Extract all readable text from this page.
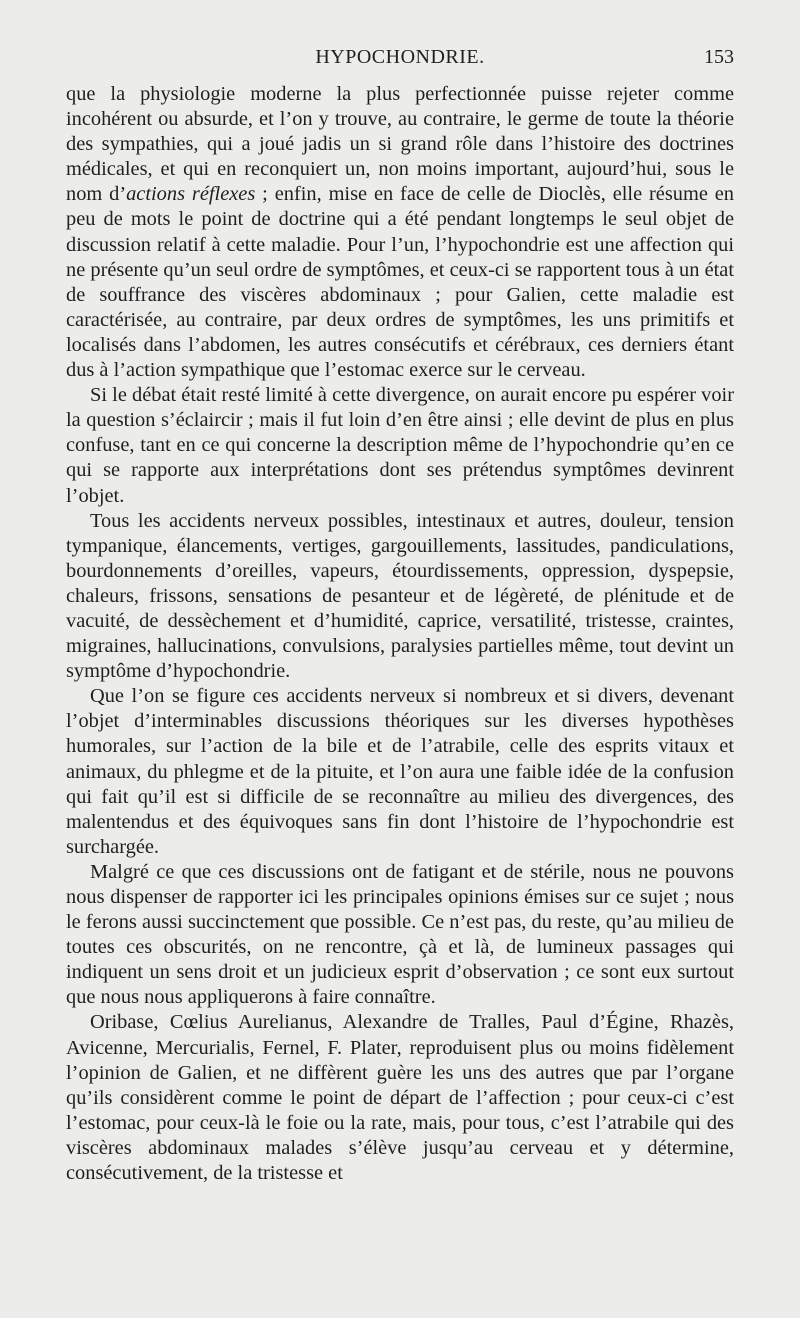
HYPOCHONDRIE.	153

que la physiologie moderne la plus perfectionnée puisse rejeter comme incohérent ou absurde, et l’on y trouve, au contraire, le germe de toute la théorie des sympathies, qui a joué jadis un si grand rôle dans l’histoire des doctrines médicales, et qui en reconquiert un, non moins important, aujourd’hui, sous le nom d’actions réflexes ; enfin, mise en face de celle de Dioclès, elle résume en peu de mots le point de doctrine qui a été pendant longtemps le seul objet de discussion relatif à cette maladie. Pour l’un, l’hypochondrie est une affection qui ne présente qu’un seul ordre de symptômes, et ceux-ci se rapportent tous à un état de souffrance des viscères abdominaux ; pour Galien, cette maladie est caractérisée, au contraire, par deux ordres de symptômes, les uns primitifs et localisés dans l’abdomen, les autres consécutifs et cérébraux, ces derniers étant dus à l’action sympathique que l’estomac exerce sur le cerveau.

Si le débat était resté limité à cette divergence, on aurait encore pu espérer voir la question s’éclaircir ; mais il fut loin d’en être ainsi ; elle devint de plus en plus confuse, tant en ce qui concerne la description même de l’hypochondrie qu’en ce qui se rapporte aux interprétations dont ses prétendus symptômes devinrent l’objet.

Tous les accidents nerveux possibles, intestinaux et autres, douleur, tension tympanique, élancements, vertiges, gargouillements, lassitudes, pandiculations, bourdonnements d’oreilles, vapeurs, étourdissements, oppression, dyspepsie, chaleurs, frissons, sensations de pesanteur et de légèreté, de plénitude et de vacuité, de dessèchement et d’humidité, caprice, versatilité, tristesse, craintes, migraines, hallucinations, convulsions, paralysies partielles même, tout devint un symptôme d’hypochondrie.

Que l’on se figure ces accidents nerveux si nombreux et si divers, devenant l’objet d’interminables discussions théoriques sur les diverses hypothèses humorales, sur l’action de la bile et de l’atrabile, celle des esprits vitaux et animaux, du phlegme et de la pituite, et l’on aura une faible idée de la confusion qui fait qu’il est si difficile de se reconnaître au milieu des divergences, des malentendus et des équivoques sans fin dont l’histoire de l’hypochondrie est surchargée.

Malgré ce que ces discussions ont de fatigant et de stérile, nous ne pouvons nous dispenser de rapporter ici les principales opinions émises sur ce sujet ; nous le ferons aussi succinctement que possible. Ce n’est pas, du reste, qu’au milieu de toutes ces obscurités, on ne rencontre, çà et là, de lumineux passages qui indiquent un sens droit et un judicieux esprit d’observation ; ce sont eux surtout que nous nous appliquerons à faire connaître.

Oribase, Cœlius Aurelianus, Alexandre de Tralles, Paul d’Égine, Rhazès, Avicenne, Mercurialis, Fernel, F. Plater, reproduisent plus ou moins fidèlement l’opinion de Galien, et ne diffèrent guère les uns des autres que par l’organe qu’ils considèrent comme le point de départ de l’affection ; pour ceux-ci c’est l’estomac, pour ceux-là le foie ou la rate, mais, pour tous, c’est l’atrabile qui des viscères abdominaux malades s’élève jusqu’au cerveau et y détermine, consécutivement, de la tristesse et
